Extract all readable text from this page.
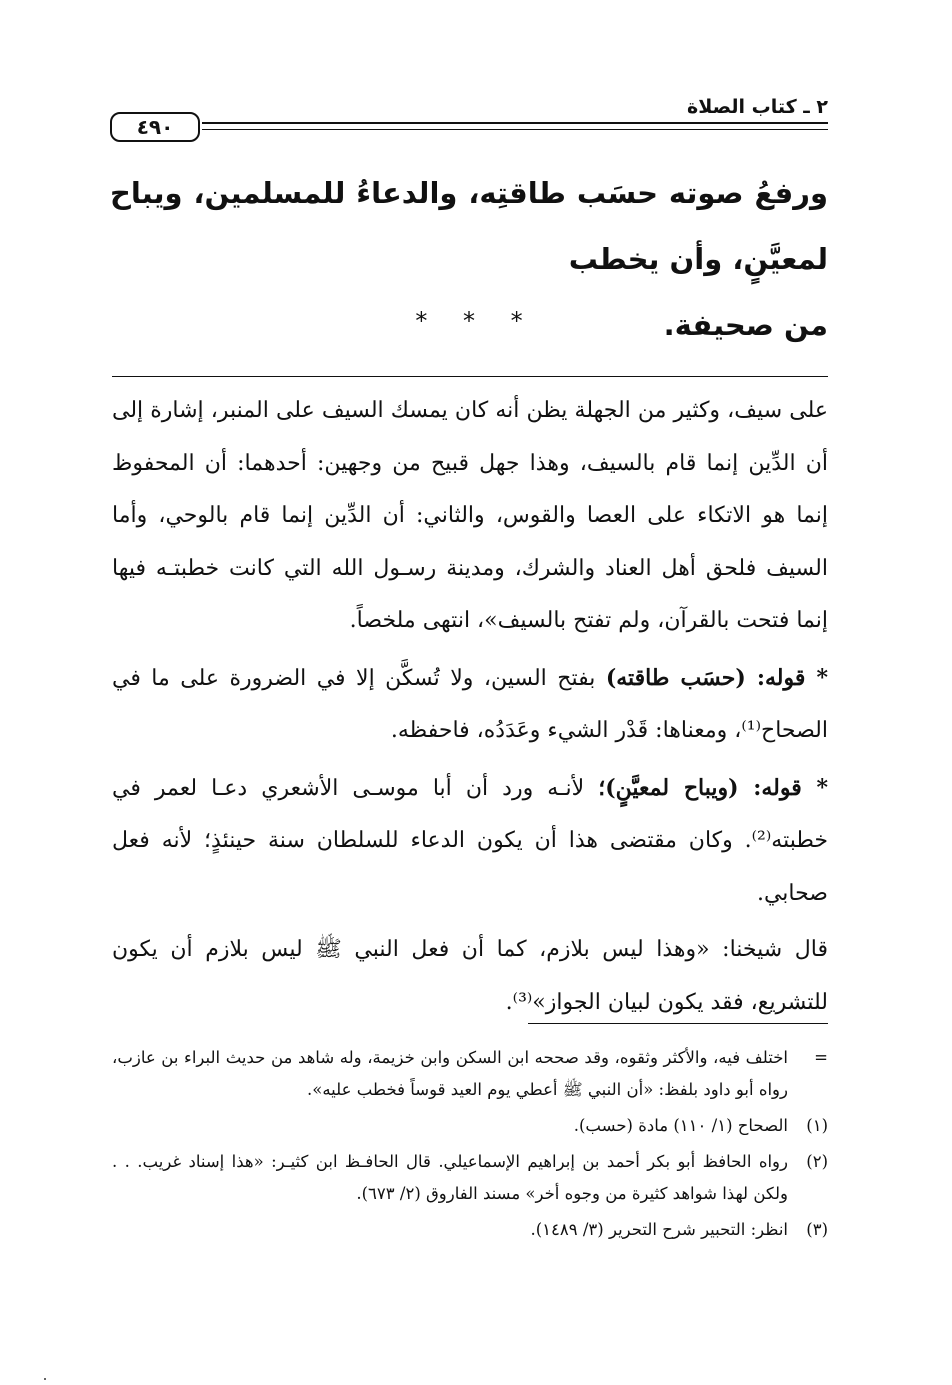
٤٩٠
٢ ـ كتاب الصلاة

ورفعُ صوته حسَب طاقتِه، والدعاءُ للمسلمين، ويباح لمعيَّنٍ، وأن يخطب

من صحيفة.

* * *

على سيف، وكثير من الجهلة يظن أنه كان يمسك السيف على المنبر، إشارة إلى أن الدِّين إنما قام بالسيف، وهذا جهل قبيح من وجهين: أحدهما: أن المحفوظ إنما هو الاتكاء على العصا والقوس، والثاني: أن الدِّين إنما قام بالوحي، وأما السيف فلحق أهل العناد والشرك، ومدينة رسـول الله التي كانت خطبتـه فيها إنما فتحت بالقرآن، ولم تفتح بالسيف»، انتهى ملخصاً.

* قوله: (حسَب طاقته) بفتح السين، ولا تُسكَّن إلا في الضرورة على ما في الصحاح⁽¹⁾، ومعناها: قَدْر الشيء وعَدَدُه، فاحفظه.

* قوله: (ويباح لمعيَّنٍ)؛ لأنـه ورد أن أبا موسـى الأشعري دعـا لعمر في خطبته⁽²⁾. وكان مقتضى هذا أن يكون الدعاء للسلطان سنة حينئذٍ؛ لأنه فعل صحابي.

قال شيخنا: «وهذا ليس بلازم، كما أن فعل النبي ﷺ ليس بلازم أن يكون للتشريع، فقد يكون لبيان الجواز»⁽³⁾.

=
اختلف فيه، والأكثر وثقوه، وقد صححه ابن السكن وابن خزيمة، وله شاهد من حديث البراء بن عازب، رواه أبو داود بلفظ: «أن النبي ﷺ أعطي يوم العيد قوساً فخطب عليه».
(١)
الصحاح (١/ ١١٠) مادة (حسب).
(٢)
رواه الحافظ أبو بكر أحمد بن إبراهيم الإسماعيلي. قال الحافـظ ابن كثيـر: «هذا إسناد غريب. . . ولكن لهذا شواهد كثيرة من وجوه أخر» مسند الفاروق (٢/ ٦٧٣).
(٣)
انظر: التحبير شرح التحرير (٣/ ١٤٨٩).
